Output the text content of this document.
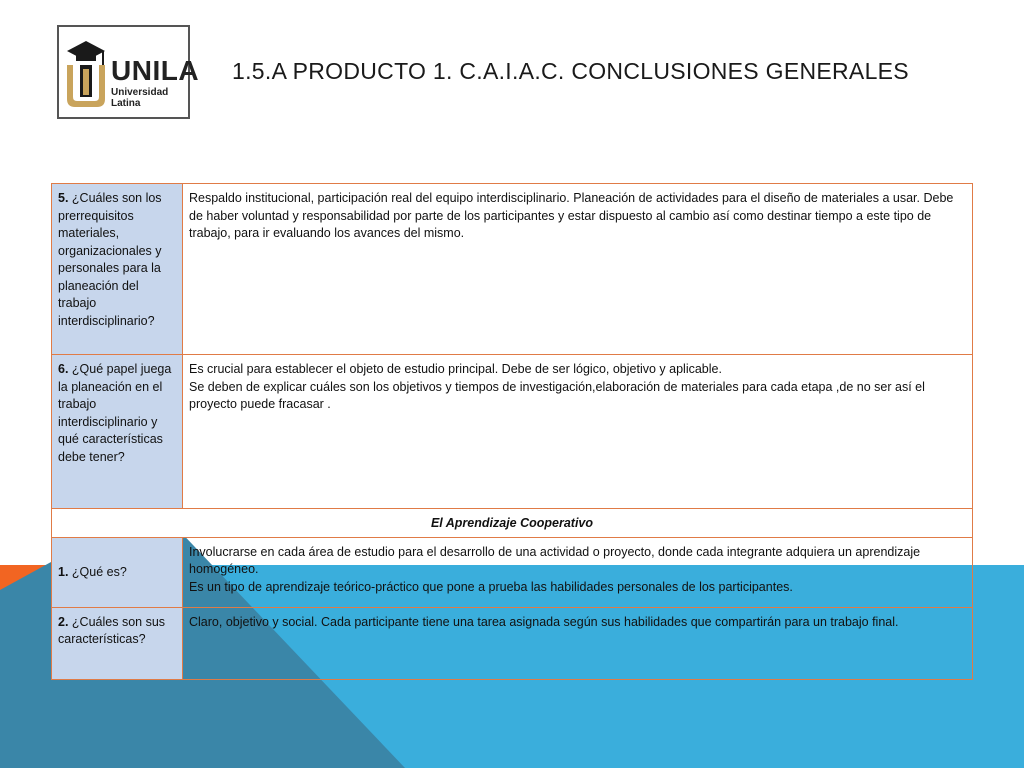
UNILA
Universidad Latina
1.5.A PRODUCTO 1. C.A.I.A.C. CONCLUSIONES GENERALES
5. ¿Cuáles son los prerrequisitos materiales, organizacionales y personales para la planeación del trabajo interdisciplinario?	Respaldo institucional, participación real del equipo interdisciplinario. Planeación de actividades para el diseño de materiales a usar. Debe de haber voluntad y responsabilidad por parte de los participantes y estar dispuesto al cambio así como destinar tiempo a este tipo de trabajo, para ir evaluando los avances del mismo.
6. ¿Qué papel juega la planeación en el trabajo interdisciplinario y qué características debe tener?	Es crucial para establecer el objeto de estudio principal. Debe de ser lógico, objetivo y aplicable.
Se deben de explicar cuáles son los objetivos y tiempos de investigación,elaboración de materiales para cada etapa ,de no ser así el proyecto puede fracasar .
El Aprendizaje Cooperativo	
1. ¿Qué es?	Involucrarse en cada área de estudio para el desarrollo de una actividad o proyecto, donde cada integrante adquiera un aprendizaje homogéneo.
Es un tipo de aprendizaje teórico-práctico que pone a prueba las habilidades personales de los participantes.
2. ¿Cuáles son sus características?	Claro, objetivo y social. Cada participante tiene una tarea asignada según sus habilidades que compartirán para un trabajo final.
